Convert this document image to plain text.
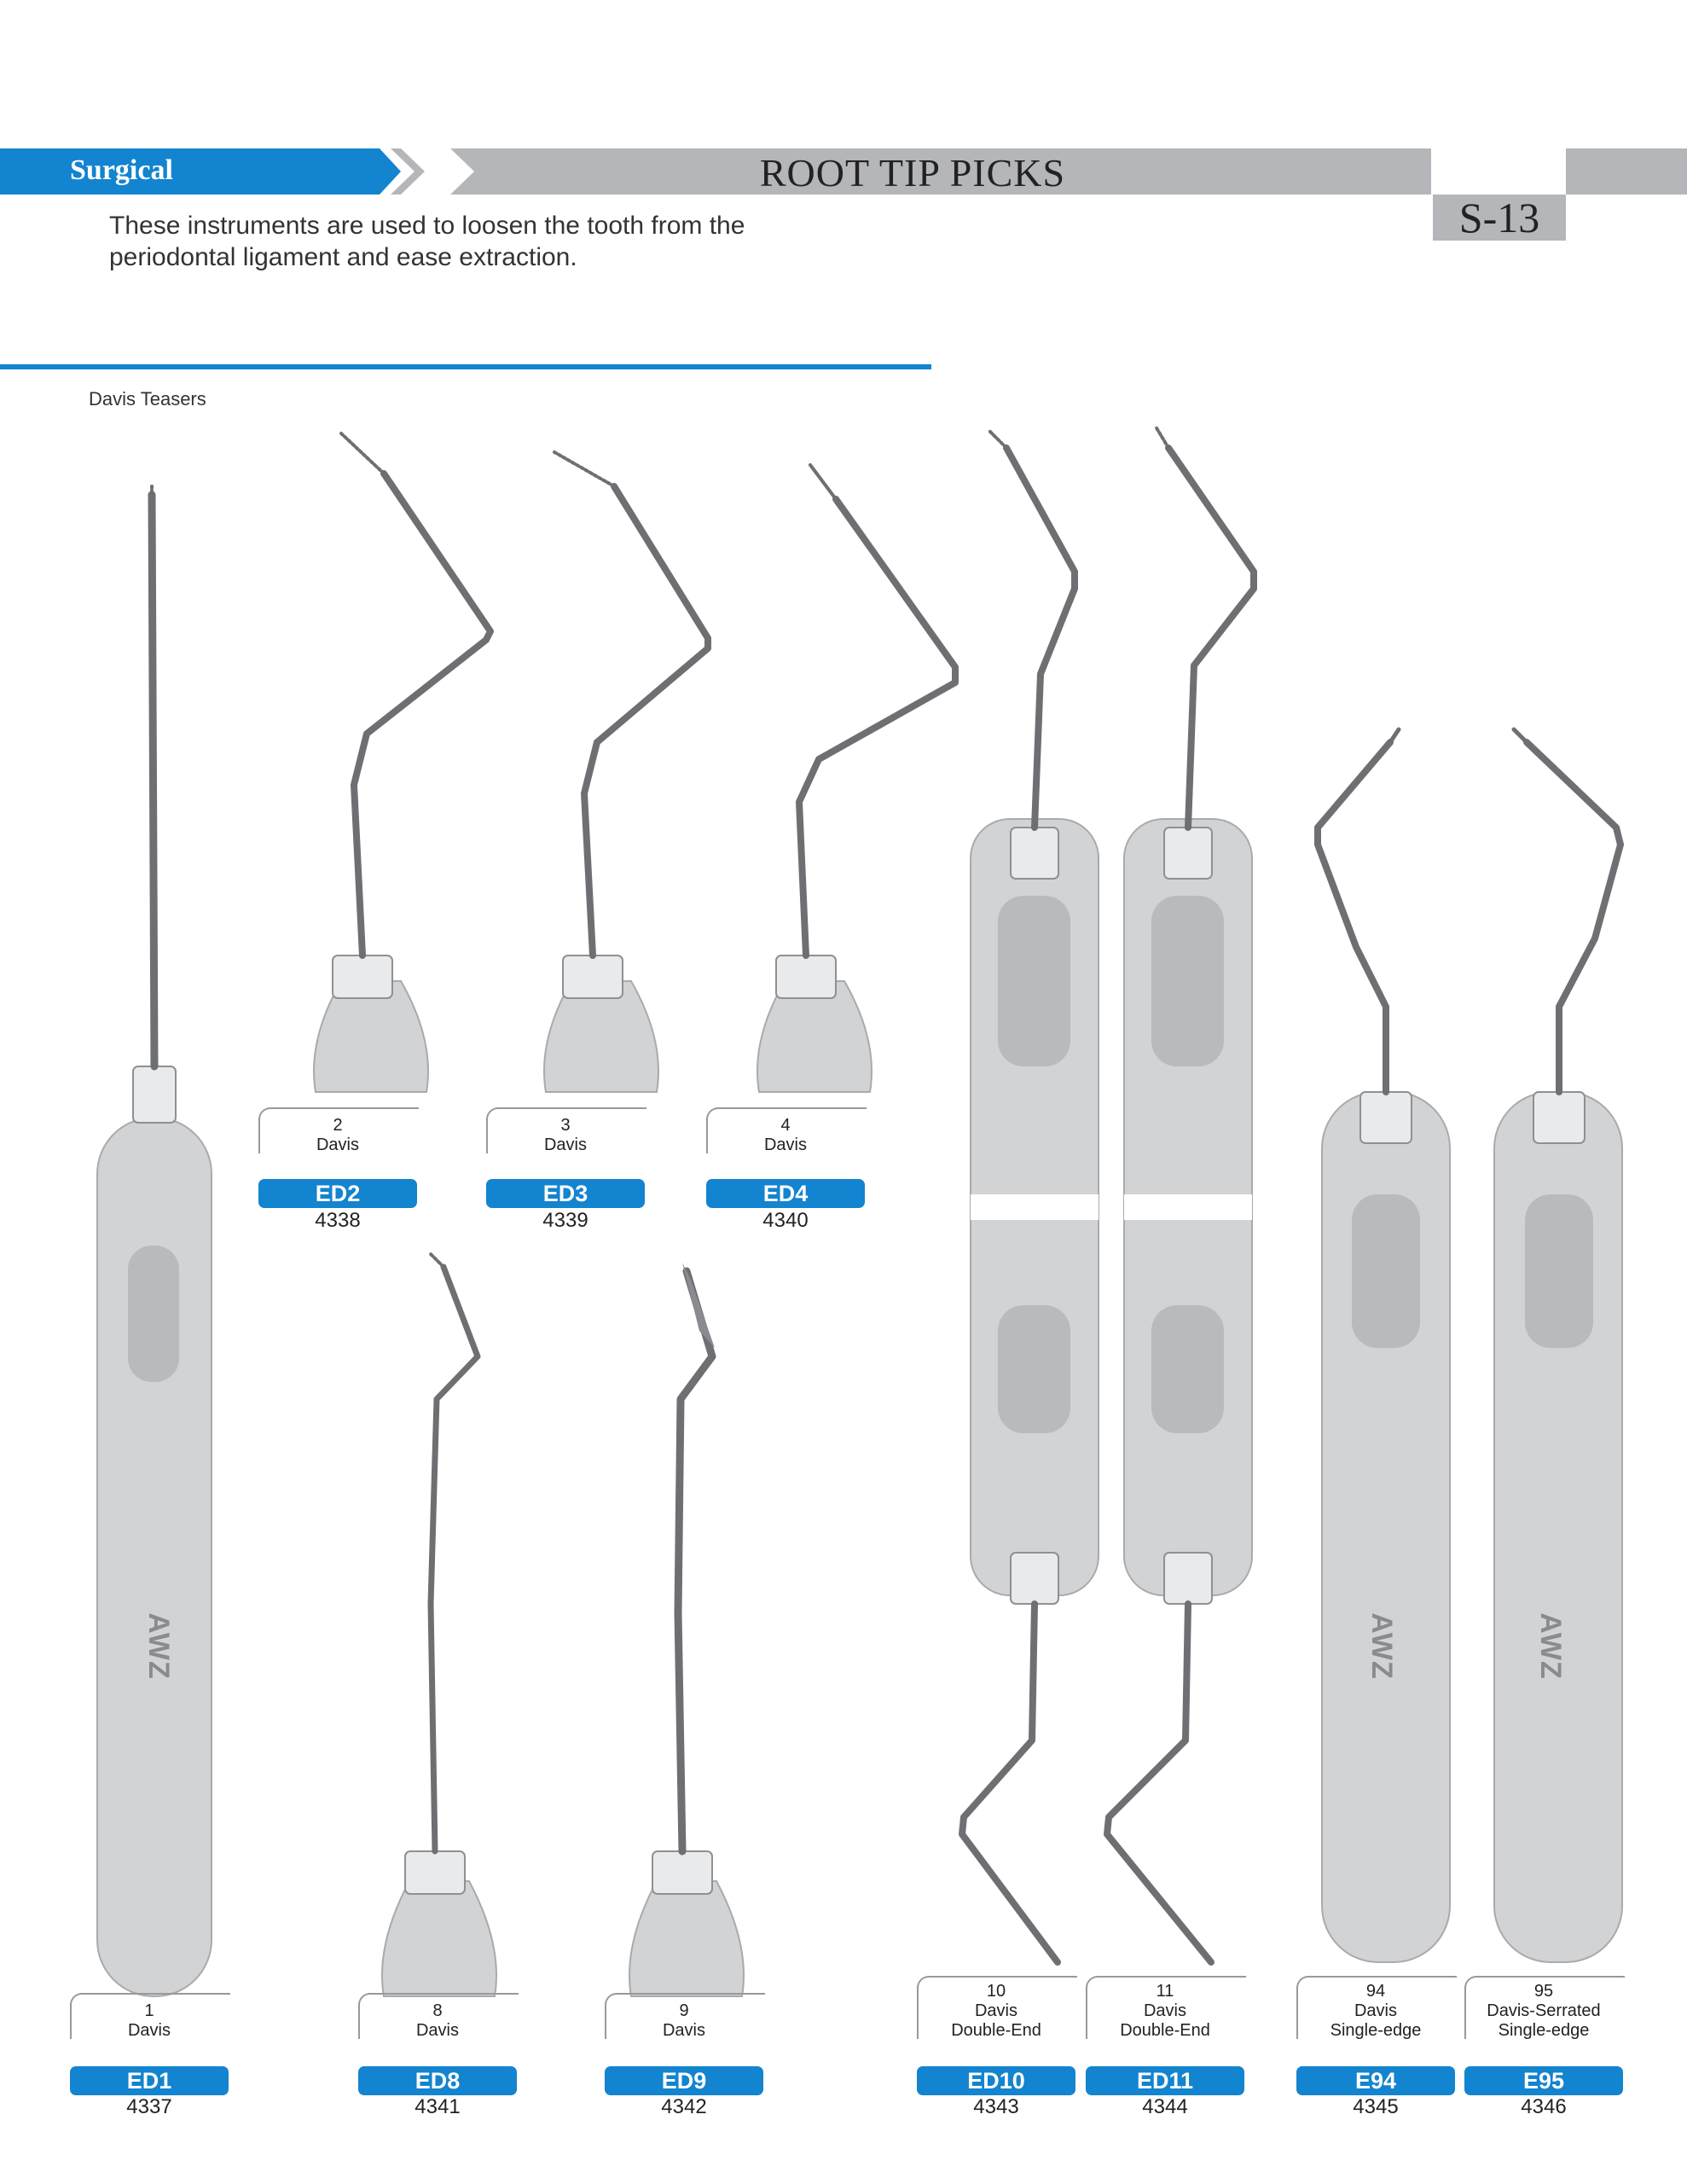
Surgical	ROOT TIP PICKS
S-13
These instruments are used to loosen the tooth from the periodontal ligament and ease extraction.
Davis Teasers
AWZ	AWZ	AWZ
2
Davis
ED2
4338
3
Davis
ED3
4339
4
Davis
ED4
4340
1
Davis
ED1
4337
8
Davis
ED8
4341
9
Davis
ED9
4342
10
Davis
Double-End
ED10
4343
11
Davis
Double-End
ED11
4344
94
Davis
Single-edge
E94
4345
95
Davis-Serrated
Single-edge
E95
4346
